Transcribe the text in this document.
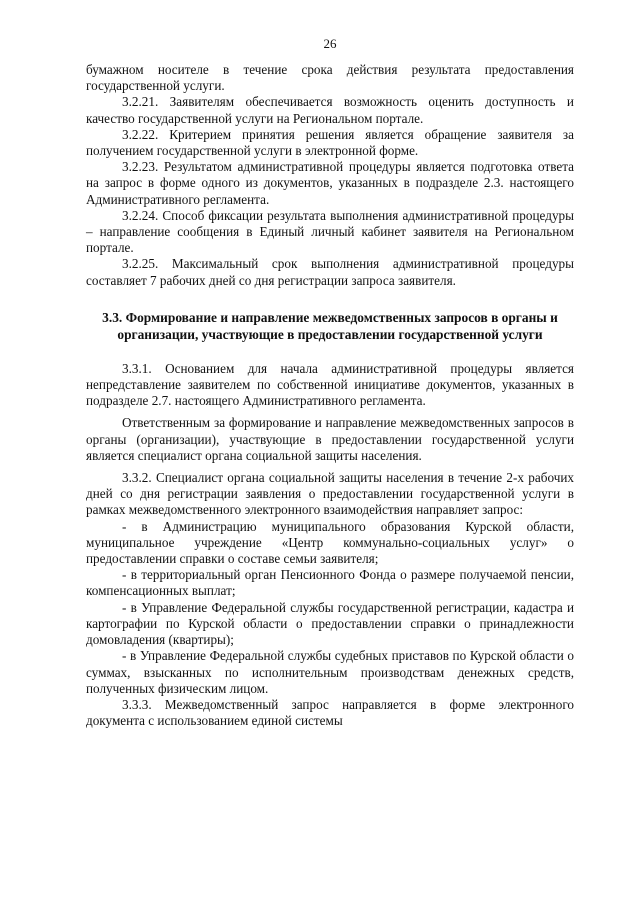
26

бумажном носителе в течение срока действия результата предоставления государственной услуги.

3.2.21. Заявителям обеспечивается возможность оценить доступность и качество государственной услуги на Региональном портале.

3.2.22. Критерием принятия решения является обращение заявителя за получением государственной услуги в электронной форме.

3.2.23. Результатом административной процедуры является подготовка ответа на запрос в форме одного из документов, указанных в подразделе 2.3. настоящего Административного регламента.

3.2.24. Способ фиксации результата выполнения административной процедуры – направление сообщения в Единый личный кабинет заявителя на Региональном портале.

3.2.25. Максимальный срок выполнения административной процедуры составляет 7 рабочих дней со дня регистрации запроса заявителя.

3.3. Формирование и направление межведомственных запросов в органы и организации, участвующие в предоставлении государственной услуги

3.3.1. Основанием для начала административной процедуры является непредставление заявителем по собственной инициативе документов, указанных в подразделе 2.7. настоящего Административного регламента.

Ответственным за формирование и направление межведомственных запросов в органы (организации), участвующие в предоставлении государственной услуги является специалист органа социальной защиты населения.

3.3.2. Специалист органа социальной защиты населения в течение 2-х рабочих дней со дня регистрации заявления о предоставлении государственной услуги в рамках межведомственного электронного взаимодействия направляет запрос:

- в Администрацию муниципального образования Курской области, муниципальное учреждение «Центр коммунально-социальных услуг» о предоставлении справки о составе семьи заявителя;

- в территориальный орган Пенсионного Фонда о размере получаемой пенсии, компенсационных выплат;

- в Управление Федеральной службы государственной регистрации, кадастра и картографии по Курской области о предоставлении справки о принадлежности домовладения (квартиры);

- в Управление Федеральной службы судебных приставов по Курской области о суммах, взысканных по исполнительным производствам денежных средств, полученных физическим лицом.

3.3.3. Межведомственный запрос направляется в форме электронного документа с использованием единой системы
